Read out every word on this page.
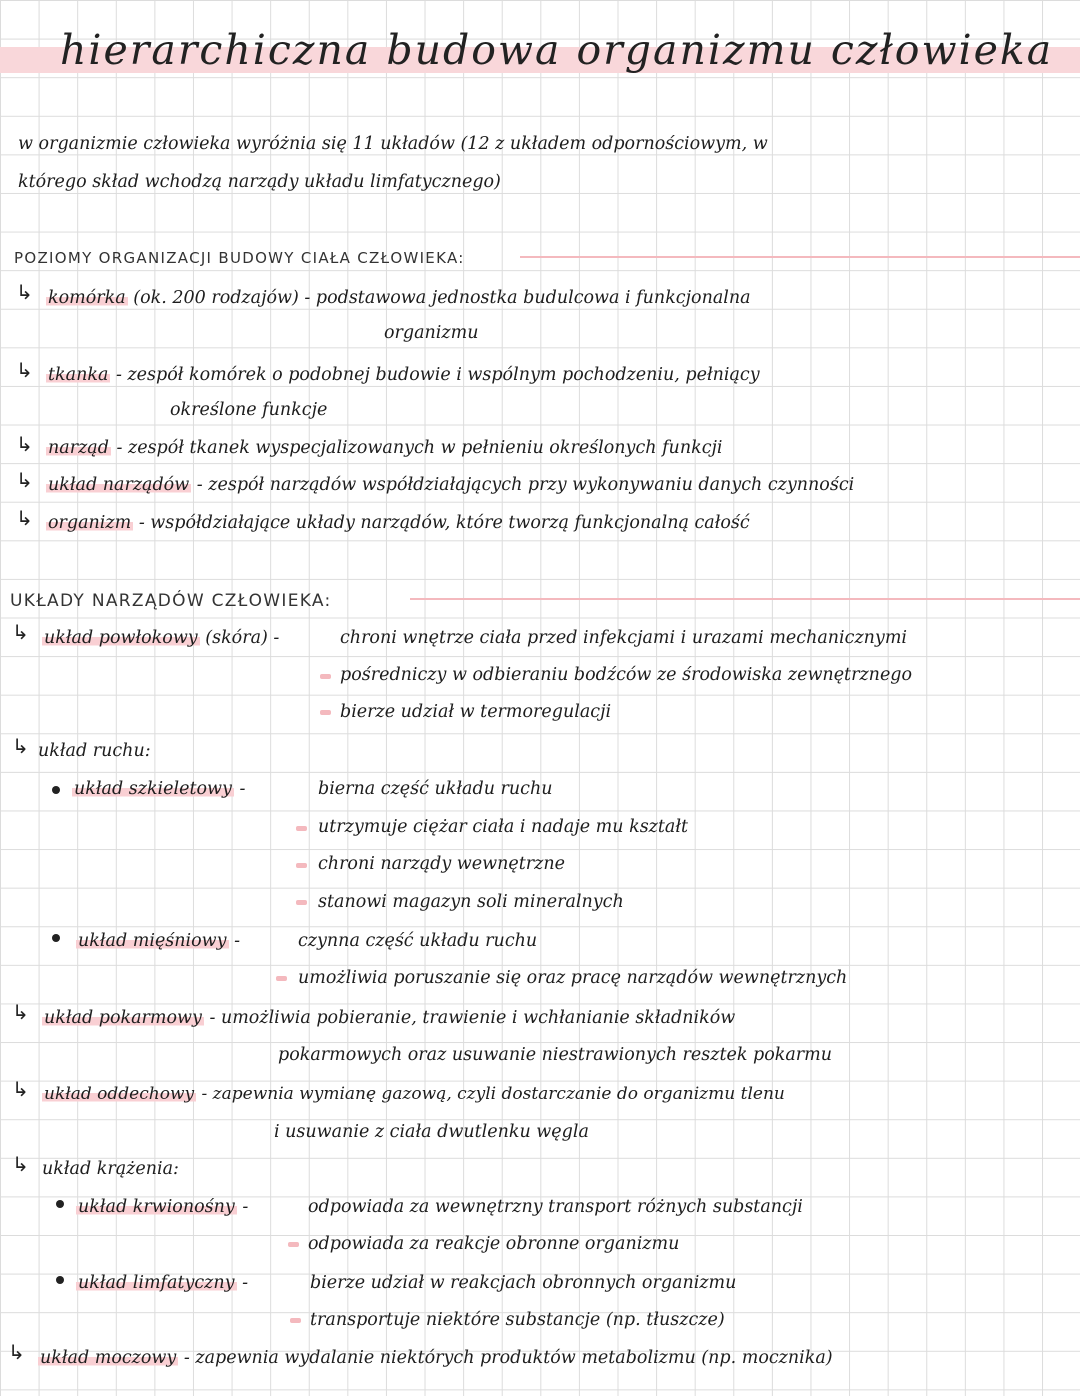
hierarchiczna budowa organizmu człowieka
w organizmie człowieka wyróżnia się 11 układów (12 z układem odpornościowym, w
którego skład wchodzą narządy układu limfatycznego)
POZIOMY ORGANIZACJI BUDOWY CIAŁA CZŁOWIEKA:
↳ komórka (ok. 200 rodzajów) - podstawowa jednostka budulcowa i funkcjonalna
organizmu
↳ tkanka - zespół komórek o podobnej budowie i wspólnym pochodzeniu, pełniący
określone funkcje
↳ narząd - zespół tkanek wyspecjalizowanych w pełnieniu określonych funkcji
↳ układ narządów - zespół narządów współdziałających przy wykonywaniu danych czynności
↳ organizm - współdziałające układy narządów, które tworzą funkcjonalną całość
UKŁADY NARZĄDÓW CZŁOWIEKA:
↳ układ powłokowy (skóra) -	chroni wnętrze ciała przed infekcjami i urazami mechanicznymi
pośredniczy w odbieraniu bodźców ze środowiska zewnętrznego
bierze udział w termoregulacji
↳ układ ruchu:
układ szkieletowy -	bierna część układu ruchu
utrzymuje ciężar ciała i nadaje mu kształt
chroni narządy wewnętrzne
stanowi magazyn soli mineralnych
układ mięśniowy -	czynna część układu ruchu
umożliwia poruszanie się oraz pracę narządów wewnętrznych
↳ układ pokarmowy - umożliwia pobieranie, trawienie i wchłanianie składników
pokarmowych oraz usuwanie niestrawionych resztek pokarmu
↳ układ oddechowy - zapewnia wymianę gazową, czyli dostarczanie do organizmu tlenu
i usuwanie z ciała dwutlenku węgla
↳ układ krążenia:
układ krwionośny -	odpowiada za wewnętrzny transport różnych substancji
odpowiada za reakcje obronne organizmu
układ limfatyczny -	bierze udział w reakcjach obronnych organizmu
transportuje niektóre substancje (np. tłuszcze)
↳ układ moczowy - zapewnia wydalanie niektórych produktów metabolizmu (np. mocznika)
